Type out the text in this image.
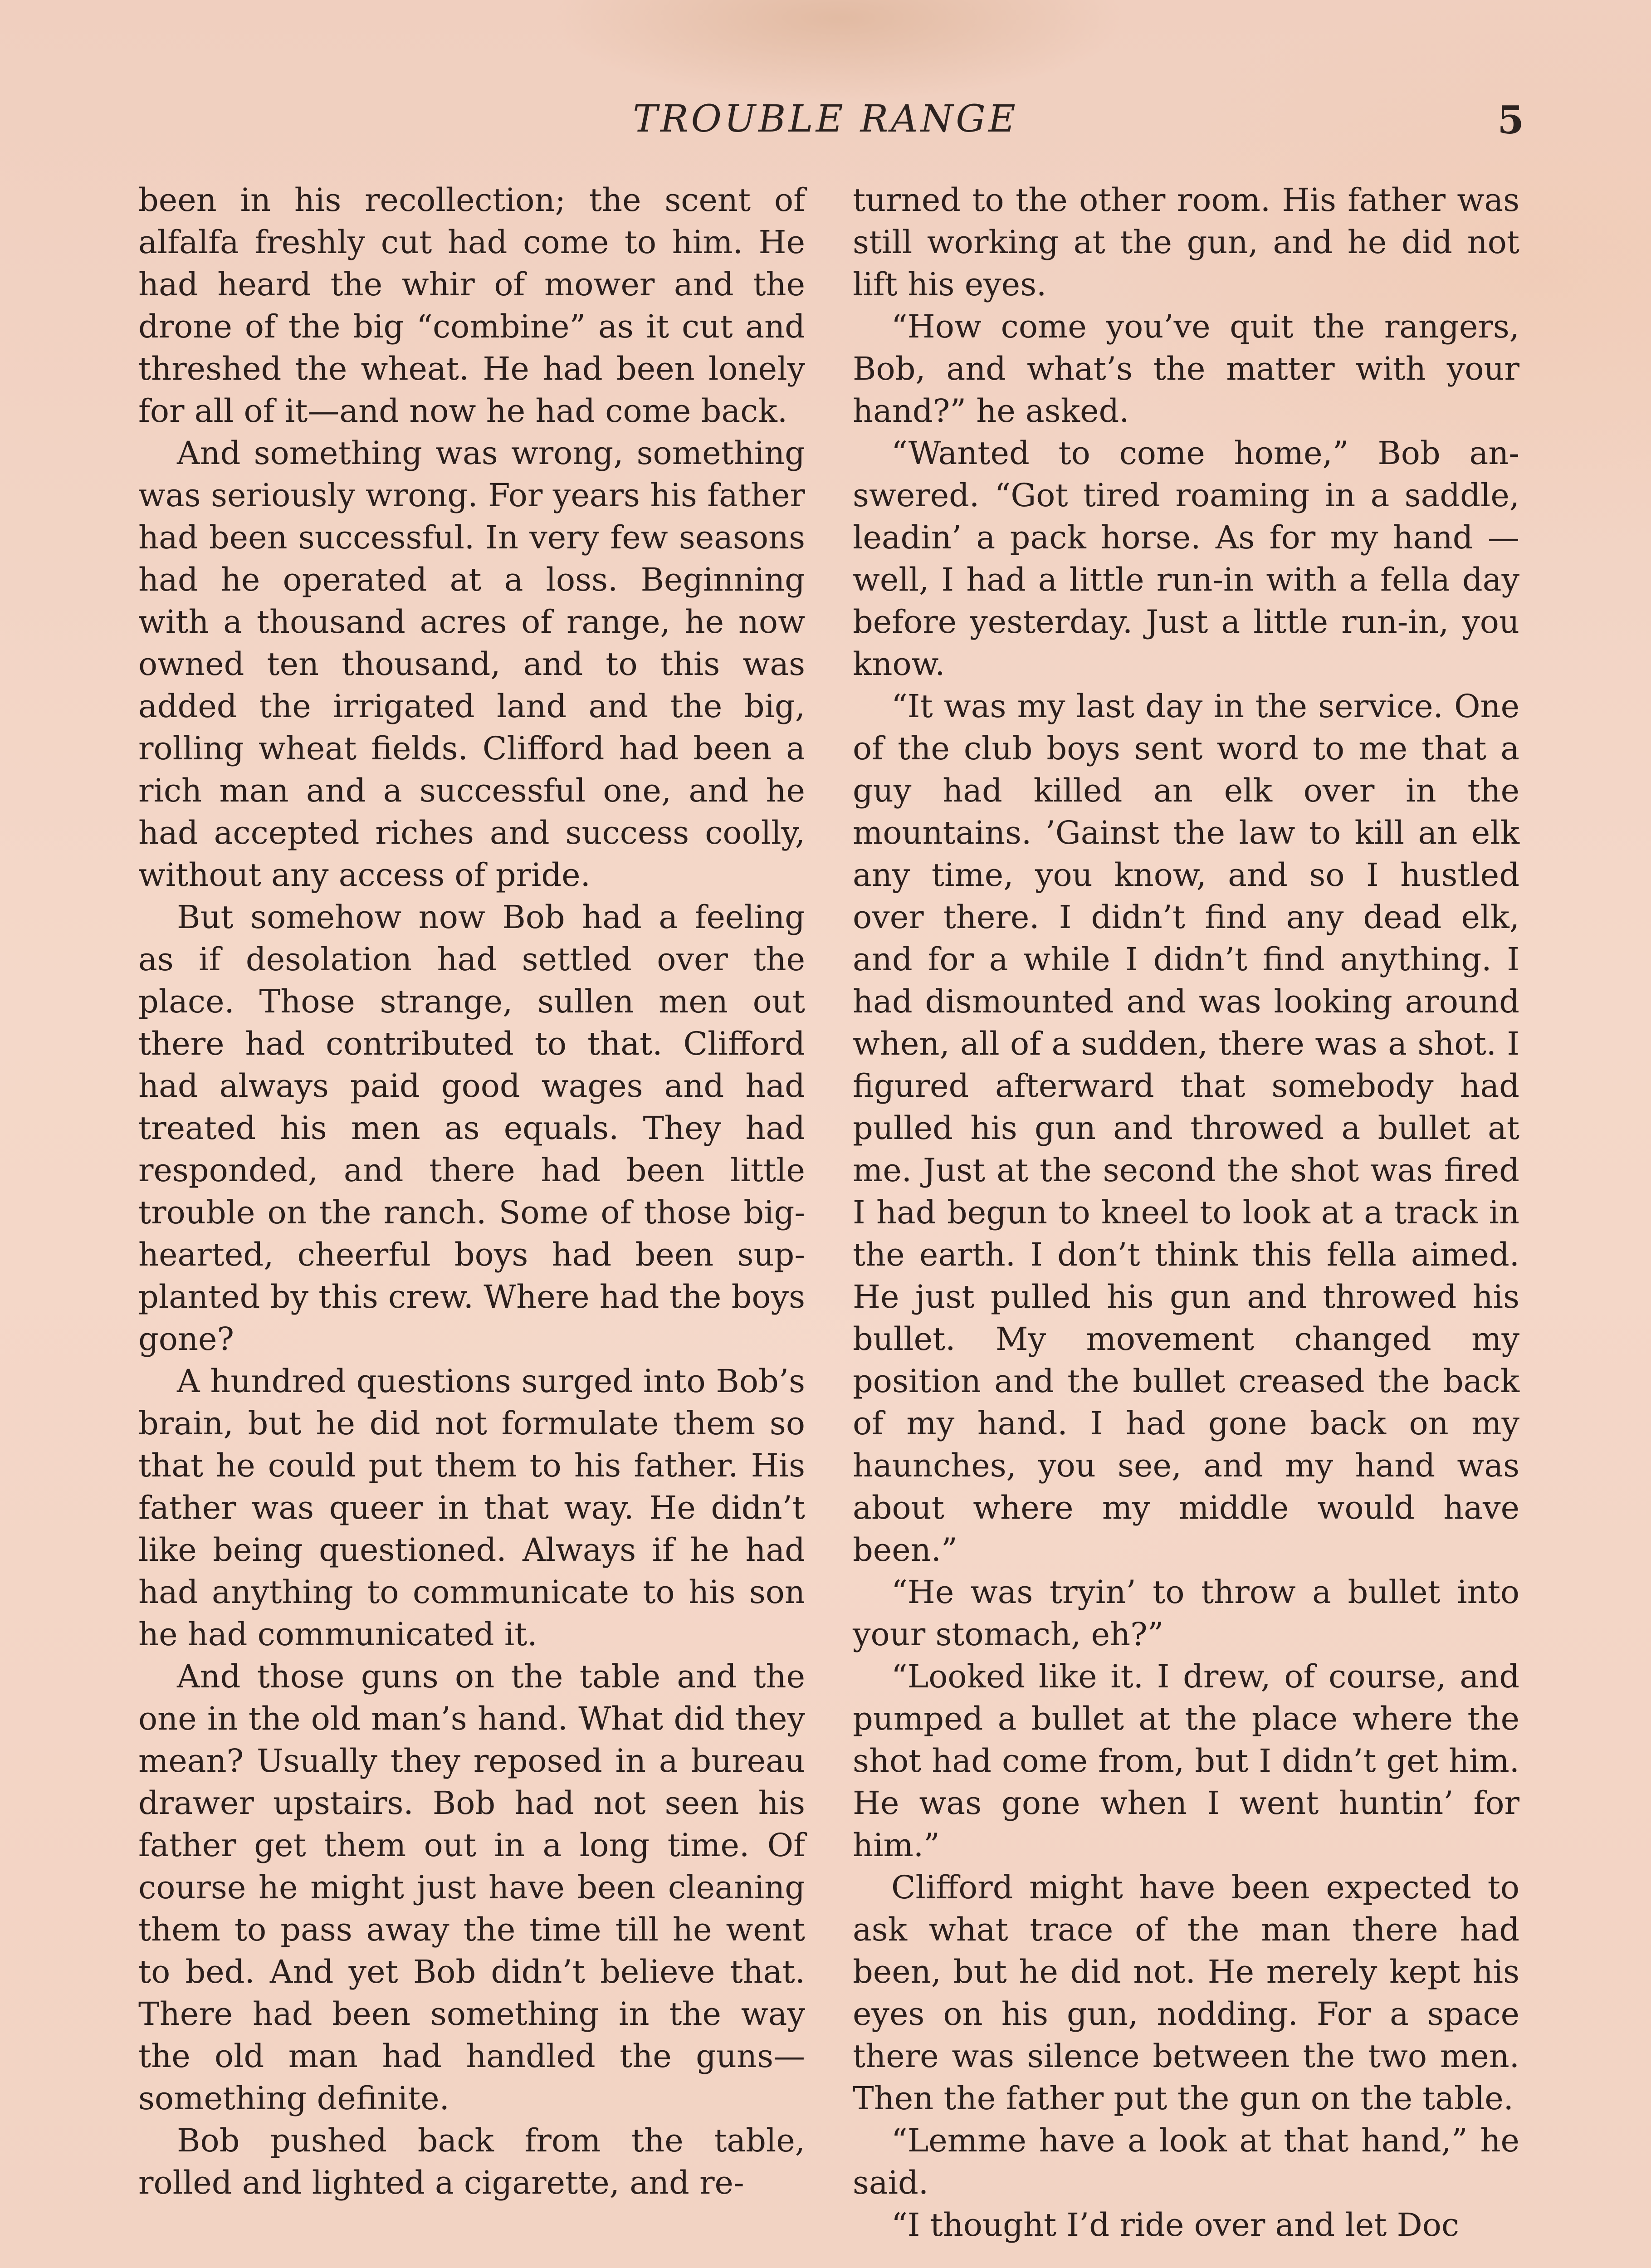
TROUBLE RANGE	5

been in his recollection; the scent of alfalfa freshly cut had come to him. He had heard the whir of mower and the drone of the big “combine” as it cut and threshed the wheat. He had been lonely for all of it—and now he had come back.

And something was wrong, something was seriously wrong. For years his father had been successful. In very few seasons had he operated at a loss. Beginning with a thousand acres of range, he now owned ten thousand, and to this was added the irrigated land and the big, rolling wheat fields. Clifford had been a rich man and a successful one, and he had accepted riches and success coolly, without any access of pride.

But somehow now Bob had a feeling as if desolation had settled over the place. Those strange, sullen men out there had contributed to that. Clifford had always paid good wages and had treated his men as equals. They had responded, and there had been little trouble on the ranch. Some of those big-hearted, cheerful boys had been supplanted by this crew. Where had the boys gone?

A hundred questions surged into Bob’s brain, but he did not formulate them so that he could put them to his father. His father was queer in that way. He didn’t like being questioned. Always if he had had anything to communicate to his son he had communicated it.

And those guns on the table and the one in the old man’s hand. What did they mean? Usually they reposed in a bureau drawer upstairs. Bob had not seen his father get them out in a long time. Of course he might just have been cleaning them to pass away the time till he went to bed. And yet Bob didn’t believe that. There had been something in the way the old man had handled the guns—something definite.

Bob pushed back from the table, rolled and lighted a cigarette, and re-

turned to the other room. His father was still working at the gun, and he did not lift his eyes.

“How come you’ve quit the rangers, Bob, and what’s the matter with your hand?” he asked.

“Wanted to come home,” Bob answered. “Got tired roaming in a saddle, leadin’ a pack horse. As for my hand —well, I had a little run-in with a fella day before yesterday. Just a little run-in, you know.

“It was my last day in the service. One of the club boys sent word to me that a guy had killed an elk over in the mountains. ’Gainst the law to kill an elk any time, you know, and so I hustled over there. I didn’t find any dead elk, and for a while I didn’t find anything. I had dismounted and was looking around when, all of a sudden, there was a shot. I figured afterward that somebody had pulled his gun and throwed a bullet at me. Just at the second the shot was fired I had begun to kneel to look at a track in the earth. I don’t think this fella aimed. He just pulled his gun and throwed his bullet. My movement changed my position and the bullet creased the back of my hand. I had gone back on my haunches, you see, and my hand was about where my middle would have been.”

“He was tryin’ to throw a bullet into your stomach, eh?”

“Looked like it. I drew, of course, and pumped a bullet at the place where the shot had come from, but I didn’t get him. He was gone when I went huntin’ for him.”

Clifford might have been expected to ask what trace of the man there had been, but he did not. He merely kept his eyes on his gun, nodding. For a space there was silence between the two men. Then the father put the gun on the table.

“Lemme have a look at that hand,” he said.

“I thought I’d ride over and let Doc
